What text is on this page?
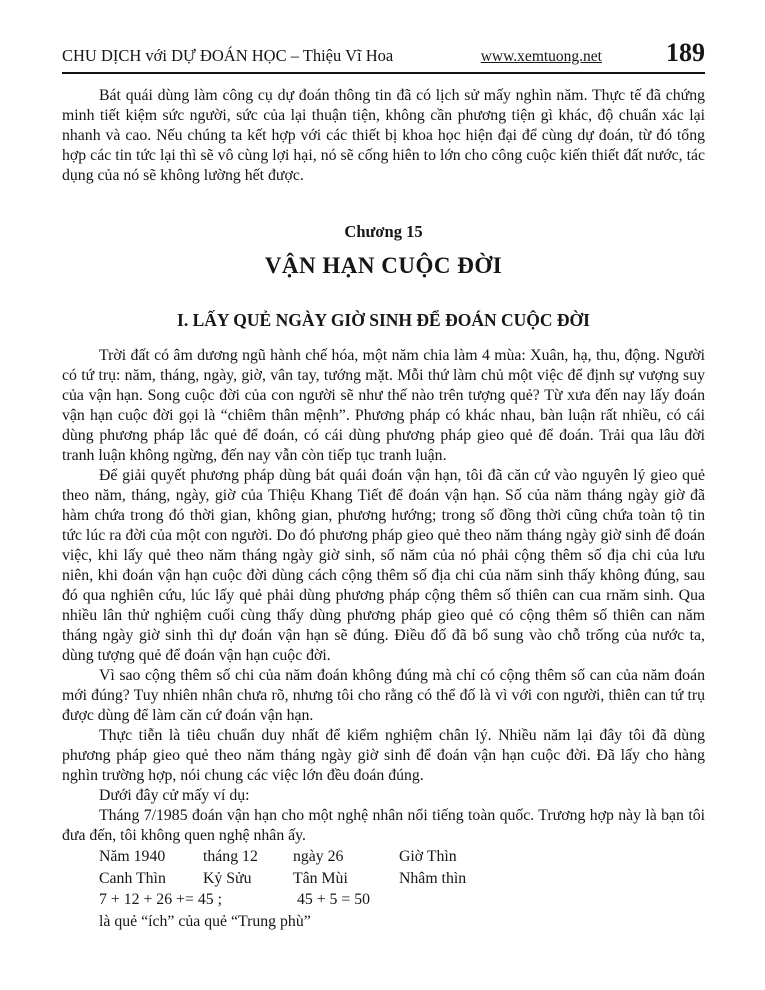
CHU DỊCH với DỰ ĐOÁN HỌC – Thiệu Vĩ Hoa	www.xemtuong.net 189

Bát quái dùng làm công cụ dự đoán thông tin đã có lịch sử mấy nghìn năm. Thực tế đã chứng minh tiết kiệm sức người, sức của lại thuận tiện, không cần phương tiện gì khác, độ chuẩn xác lại nhanh và cao. Nếu chúng ta kết hợp với các thiết bị khoa học hiện đại để cùng dự đoán, từ đó tổng hợp các tin tức lại thì sẽ vô cùng lợi hại, nó sẽ cống hiên to lớn cho công cuộc kiến thiết đất nước, tác dụng của nó sẽ không lường hết được.

Chương 15
VẬN HẠN CUỘC ĐỜI
I. LẤY QUẺ NGÀY GIỜ SINH ĐỂ ĐOÁN CUỘC ĐỜI

Trời đất có âm dương ngũ hành chế hóa, một năm chia làm 4 mùa: Xuân, hạ, thu, động. Người có tứ trụ: năm, tháng, ngày, giờ, vân tay, tướng mặt. Mỗi thứ làm chủ một việc để định sự vượng suy của vận hạn. Song cuộc đời của con người sẽ như thế nào trên tượng quẻ? Từ xưa đến nay lấy đoán vận hạn cuộc đời gọi là “chiêm thân mệnh”. Phương pháp có khác nhau, bàn luận rất nhiều, có cái dùng phương pháp lắc quẻ để đoán, có cái dùng phương pháp gieo quẻ để đoán. Trải qua lâu đời tranh luận không ngừng, đến nay vẫn còn tiếp tục tranh luận.

Để giải quyết phương pháp dùng bát quái đoán vận hạn, tôi đã căn cứ vào nguyên lý gieo quẻ theo năm, tháng, ngày, giờ của Thiệu Khang Tiết để đoán vận hạn. Số của năm tháng ngày giờ đã hàm chứa trong đó thời gian, không gian, phương hướng; trong số đồng thời cũng chứa toàn tộ tin tức lúc ra đời của một con người. Do đó phương pháp gieo quẻ theo năm tháng ngày giờ sinh để đoán việc, khi lấy quẻ theo năm tháng ngày giờ sinh, số năm của nó phải cộng thêm số địa chi của lưu niên, khi đoán vận hạn cuộc đời dùng cách cộng thêm số địa chi của năm sinh thấy không đúng, sau đó qua nghiên cứu, lúc lấy quẻ phải dùng phương pháp cộng thêm số thiên can cua rnăm sinh. Qua nhiều lân thử nghiệm cuối cùng thấy dùng phương pháp gieo quẻ có cộng thêm số thiên can năm tháng ngày giờ sinh thì dự đoán vận hạn sẽ đúng. Điều đố đã bổ sung vào chỗ trống của nước ta, dùng tượng quẻ để đoán vận hạn cuộc đời.

Vì sao cộng thêm số chi của năm đoán không đúng mà chỉ có cộng thêm số can của năm đoán mới đúng? Tuy nhiên nhân chưa rõ, nhưng tôi cho rằng có thể đố là vì với con người, thiên can tứ trụ được dùng để làm căn cứ đoán vận hạn.

Thực tiễn là tiêu chuẩn duy nhất để kiểm nghiệm chân lý. Nhiều năm lại đây tôi đã dùng phương pháp gieo quẻ theo năm tháng ngày giờ sinh để đoán vận hạn cuộc đời. Đã lấy cho hàng nghìn trường hợp, nói chung các việc lớn đều đoán đúng.

Dưới đây cử mấy ví dụ:

Tháng 7/1985 đoán vận hạn cho một nghệ nhân nổi tiếng toàn quốc. Trương hợp này là bạn tôi đưa đến, tôi không quen nghệ nhân ấy.

Năm 1940	tháng 12	ngày 26	Giờ Thìn
Canh Thìn	Kỷ Sửu	Tân Mùi	Nhâm thìn
7 + 12 + 26 += 45 ;	45 + 5 = 50
là quẻ “ích” của quẻ “Trung phù”
